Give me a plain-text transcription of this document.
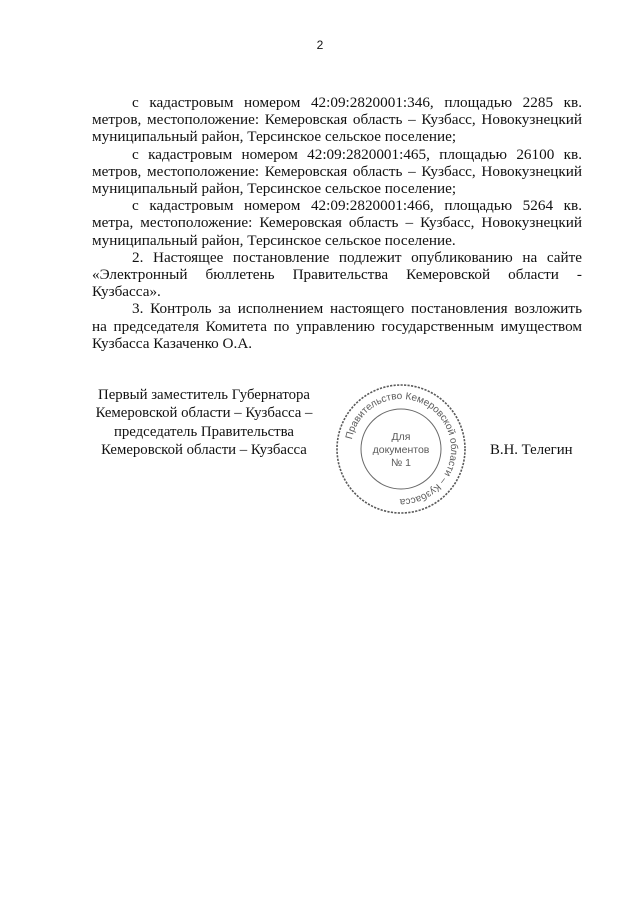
2

с кадастровым номером 42:09:2820001:346, площадью 2285 кв. метров, местоположение: Кемеровская область – Кузбасс, Новокузнецкий муниципальный район, Терсинское сельское поселение;

с кадастровым номером 42:09:2820001:465, площадью 26100 кв. метров, местоположение: Кемеровская область – Кузбасс, Новокузнецкий муниципальный район, Терсинское сельское поселение;

с кадастровым номером 42:09:2820001:466, площадью 5264 кв. метра, местоположение: Кемеровская область – Кузбасс, Новокузнецкий муниципальный район, Терсинское сельское поселение.

2. Настоящее постановление подлежит опубликованию на сайте «Электронный бюллетень Правительства Кемеровской области - Кузбасса».

3. Контроль за исполнением настоящего постановления возложить на председателя Комитета по управлению государственным имуществом Кузбасса Казаченко О.А.

Первый заместитель Губернатора
Кемеровской области – Кузбасса –
председатель Правительства
Кемеровской области – Кузбасса
Правительство Кемеровской области – Кузбасса
Для
документов
№ 1
В.Н. Телегин
